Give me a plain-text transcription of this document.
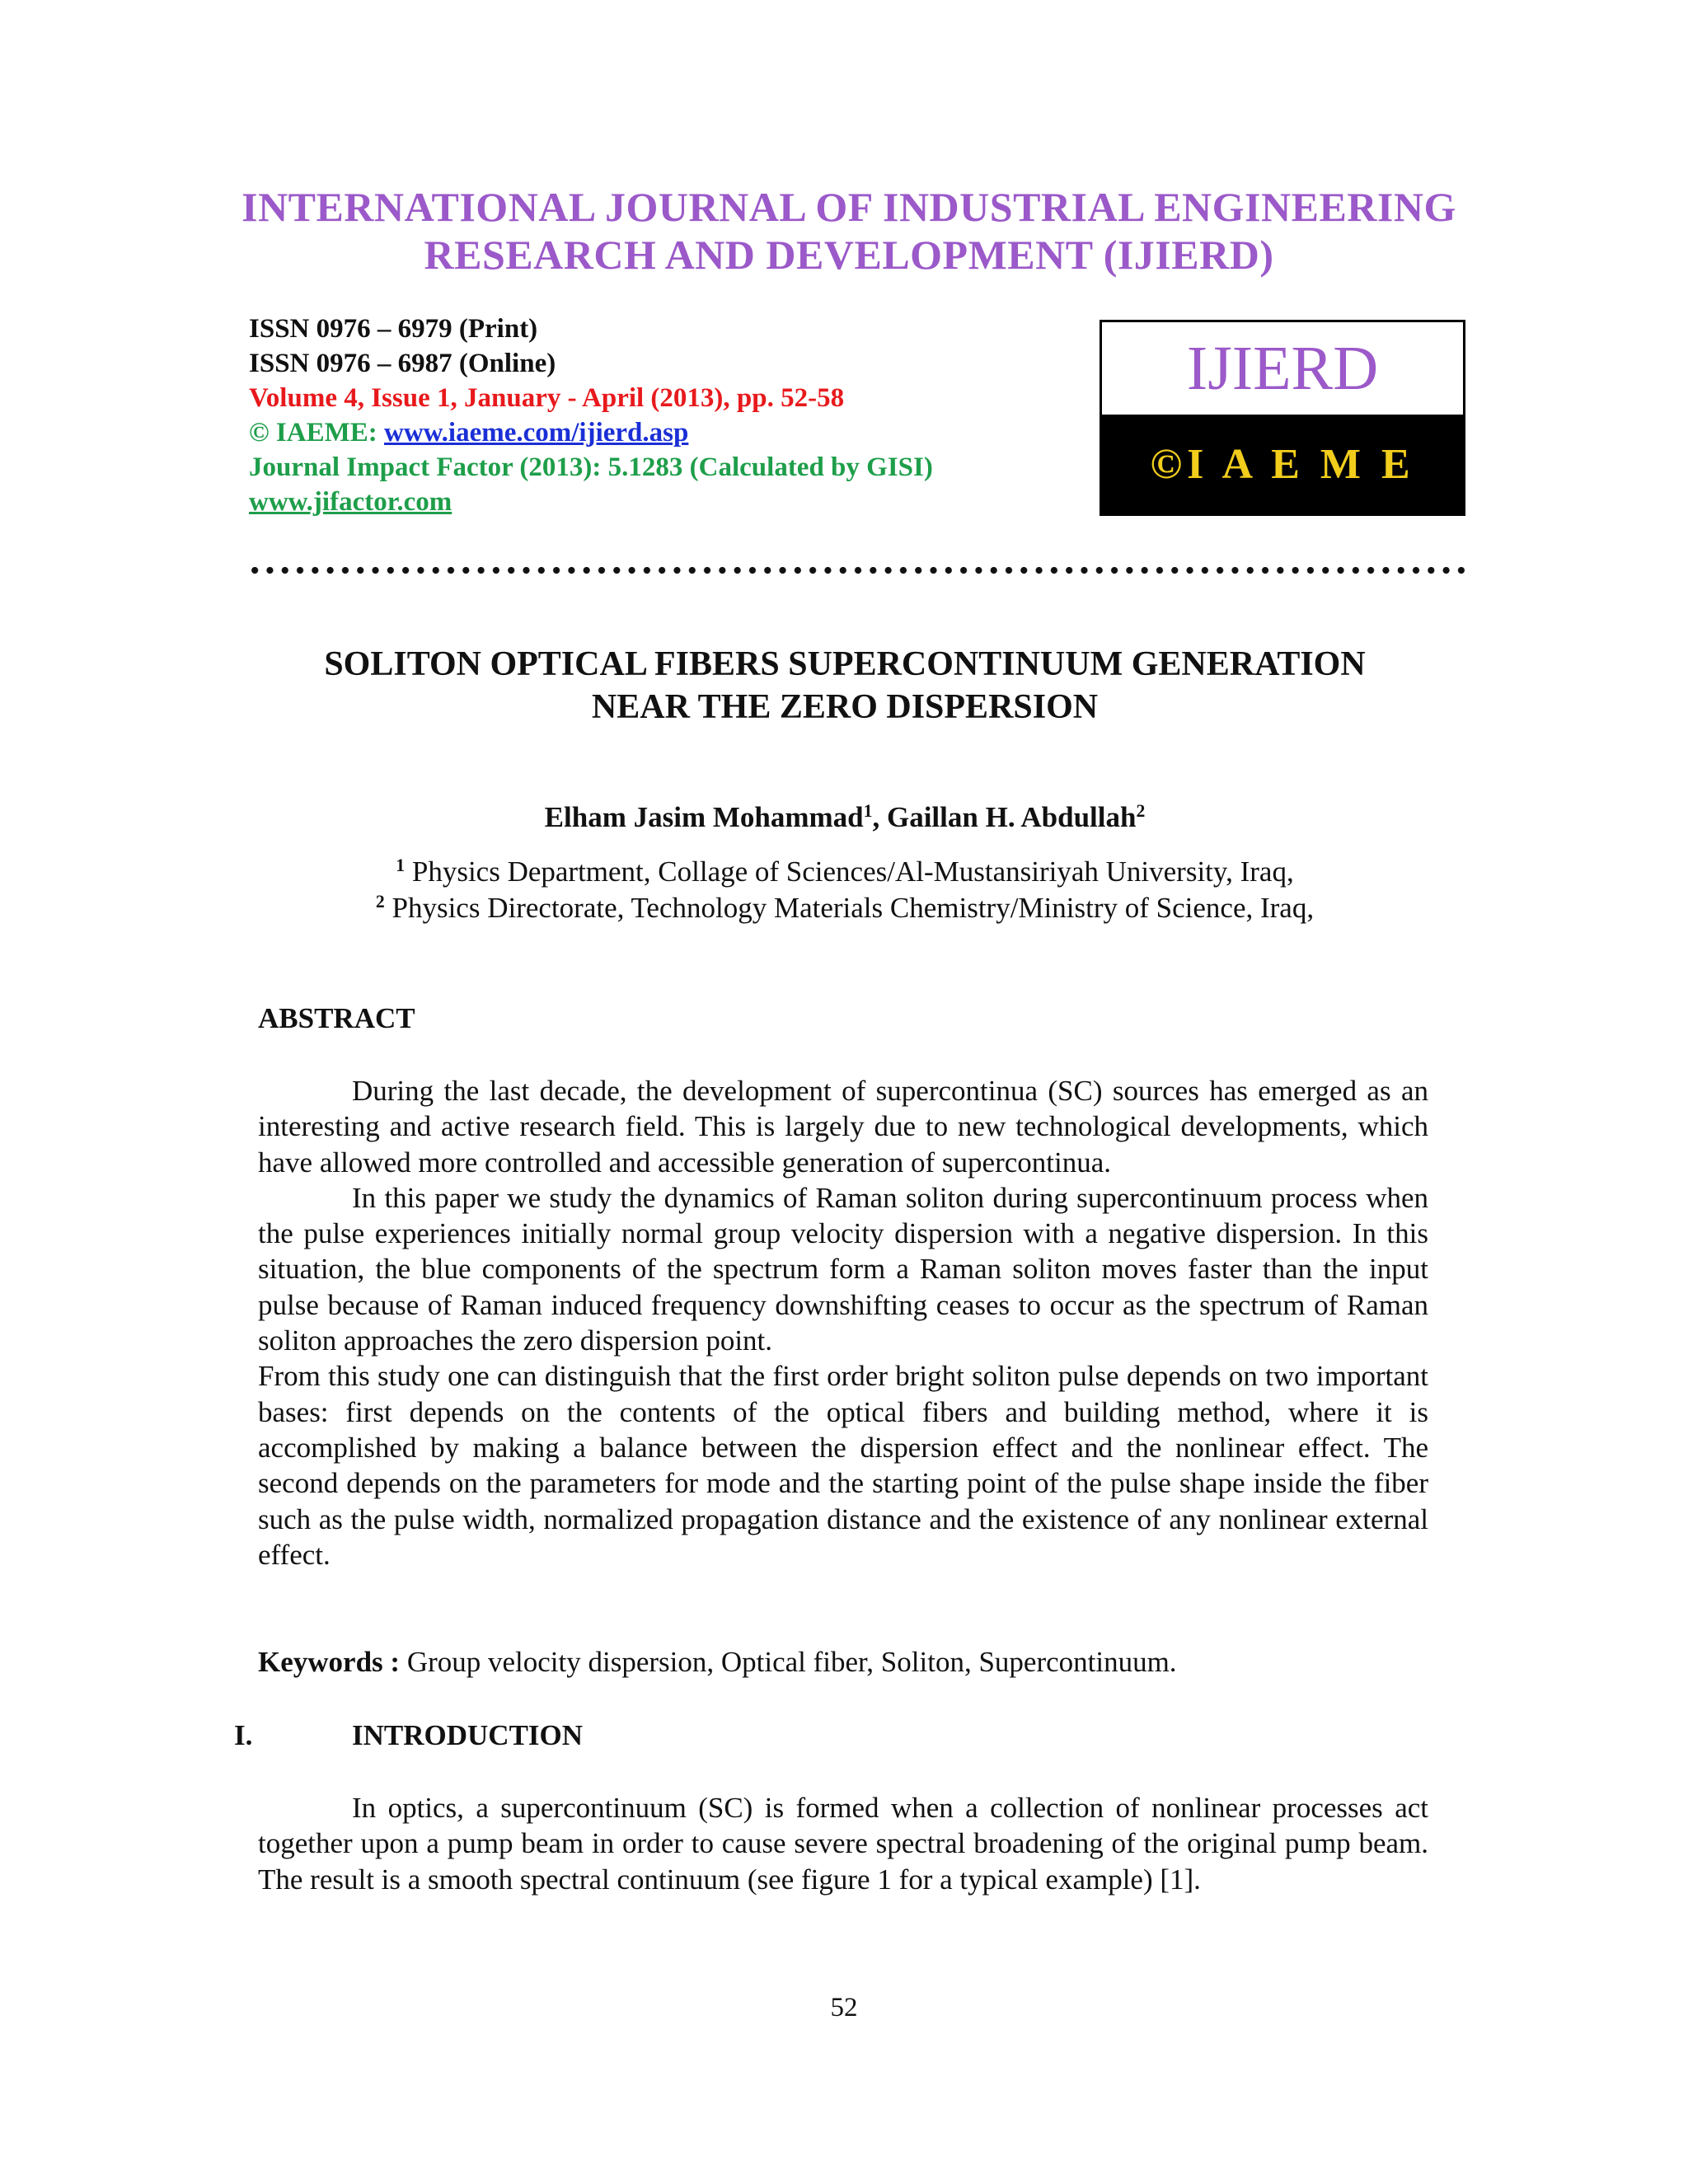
INTERNATIONAL JOURNAL OF INDUSTRIAL ENGINEERING
RESEARCH AND DEVELOPMENT (IJIERD)
ISSN 0976 – 6979 (Print)
ISSN 0976 – 6987 (Online)
Volume 4, Issue 1, January - April (2013), pp. 52-58
© IAEME: www.iaeme.com/ijierd.asp
Journal Impact Factor (2013): 5.1283 (Calculated by GISI)
www.jifactor.com
IJIERD
©I A E M E
SOLITON OPTICAL FIBERS SUPERCONTINUUM GENERATION
NEAR THE ZERO DISPERSION
Elham Jasim Mohammad$^1$, Gaillan H. Abdullah$^2$
$^1$ Physics Department, Collage of Sciences/Al-Mustansiriyah University, Iraq,
$^2$ Physics Directorate, Technology Materials Chemistry/Ministry of Science, Iraq,
ABSTRACT

During the last decade, the development of supercontinua (SC) sources has emerged as an interesting and active research field. This is largely due to new technological developments, which have allowed more controlled and accessible generation of supercontinua.

In this paper we study the dynamics of Raman soliton during supercontinuum process when the pulse experiences initially normal group velocity dispersion with a negative dispersion. In this situation, the blue components of the spectrum form a Raman soliton moves faster than the input pulse because of Raman induced frequency downshifting ceases to occur as the spectrum of Raman soliton approaches the zero dispersion point.

From this study one can distinguish that the first order bright soliton pulse depends on two important bases: first depends on the contents of the optical fibers and building method, where it is accomplished by making a balance between the dispersion effect and the nonlinear effect. The second depends on the parameters for mode and the starting point of the pulse shape inside the fiber such as the pulse width, normalized propagation distance and the existence of any nonlinear external effect.

Keywords : Group velocity dispersion, Optical fiber, Soliton, Supercontinuum.
I.	INTRODUCTION

In optics, a supercontinuum (SC) is formed when a collection of nonlinear processes act together upon a pump beam in order to cause severe spectral broadening of the original pump beam. The result is a smooth spectral continuum (see figure 1 for a typical example) [1].

52
